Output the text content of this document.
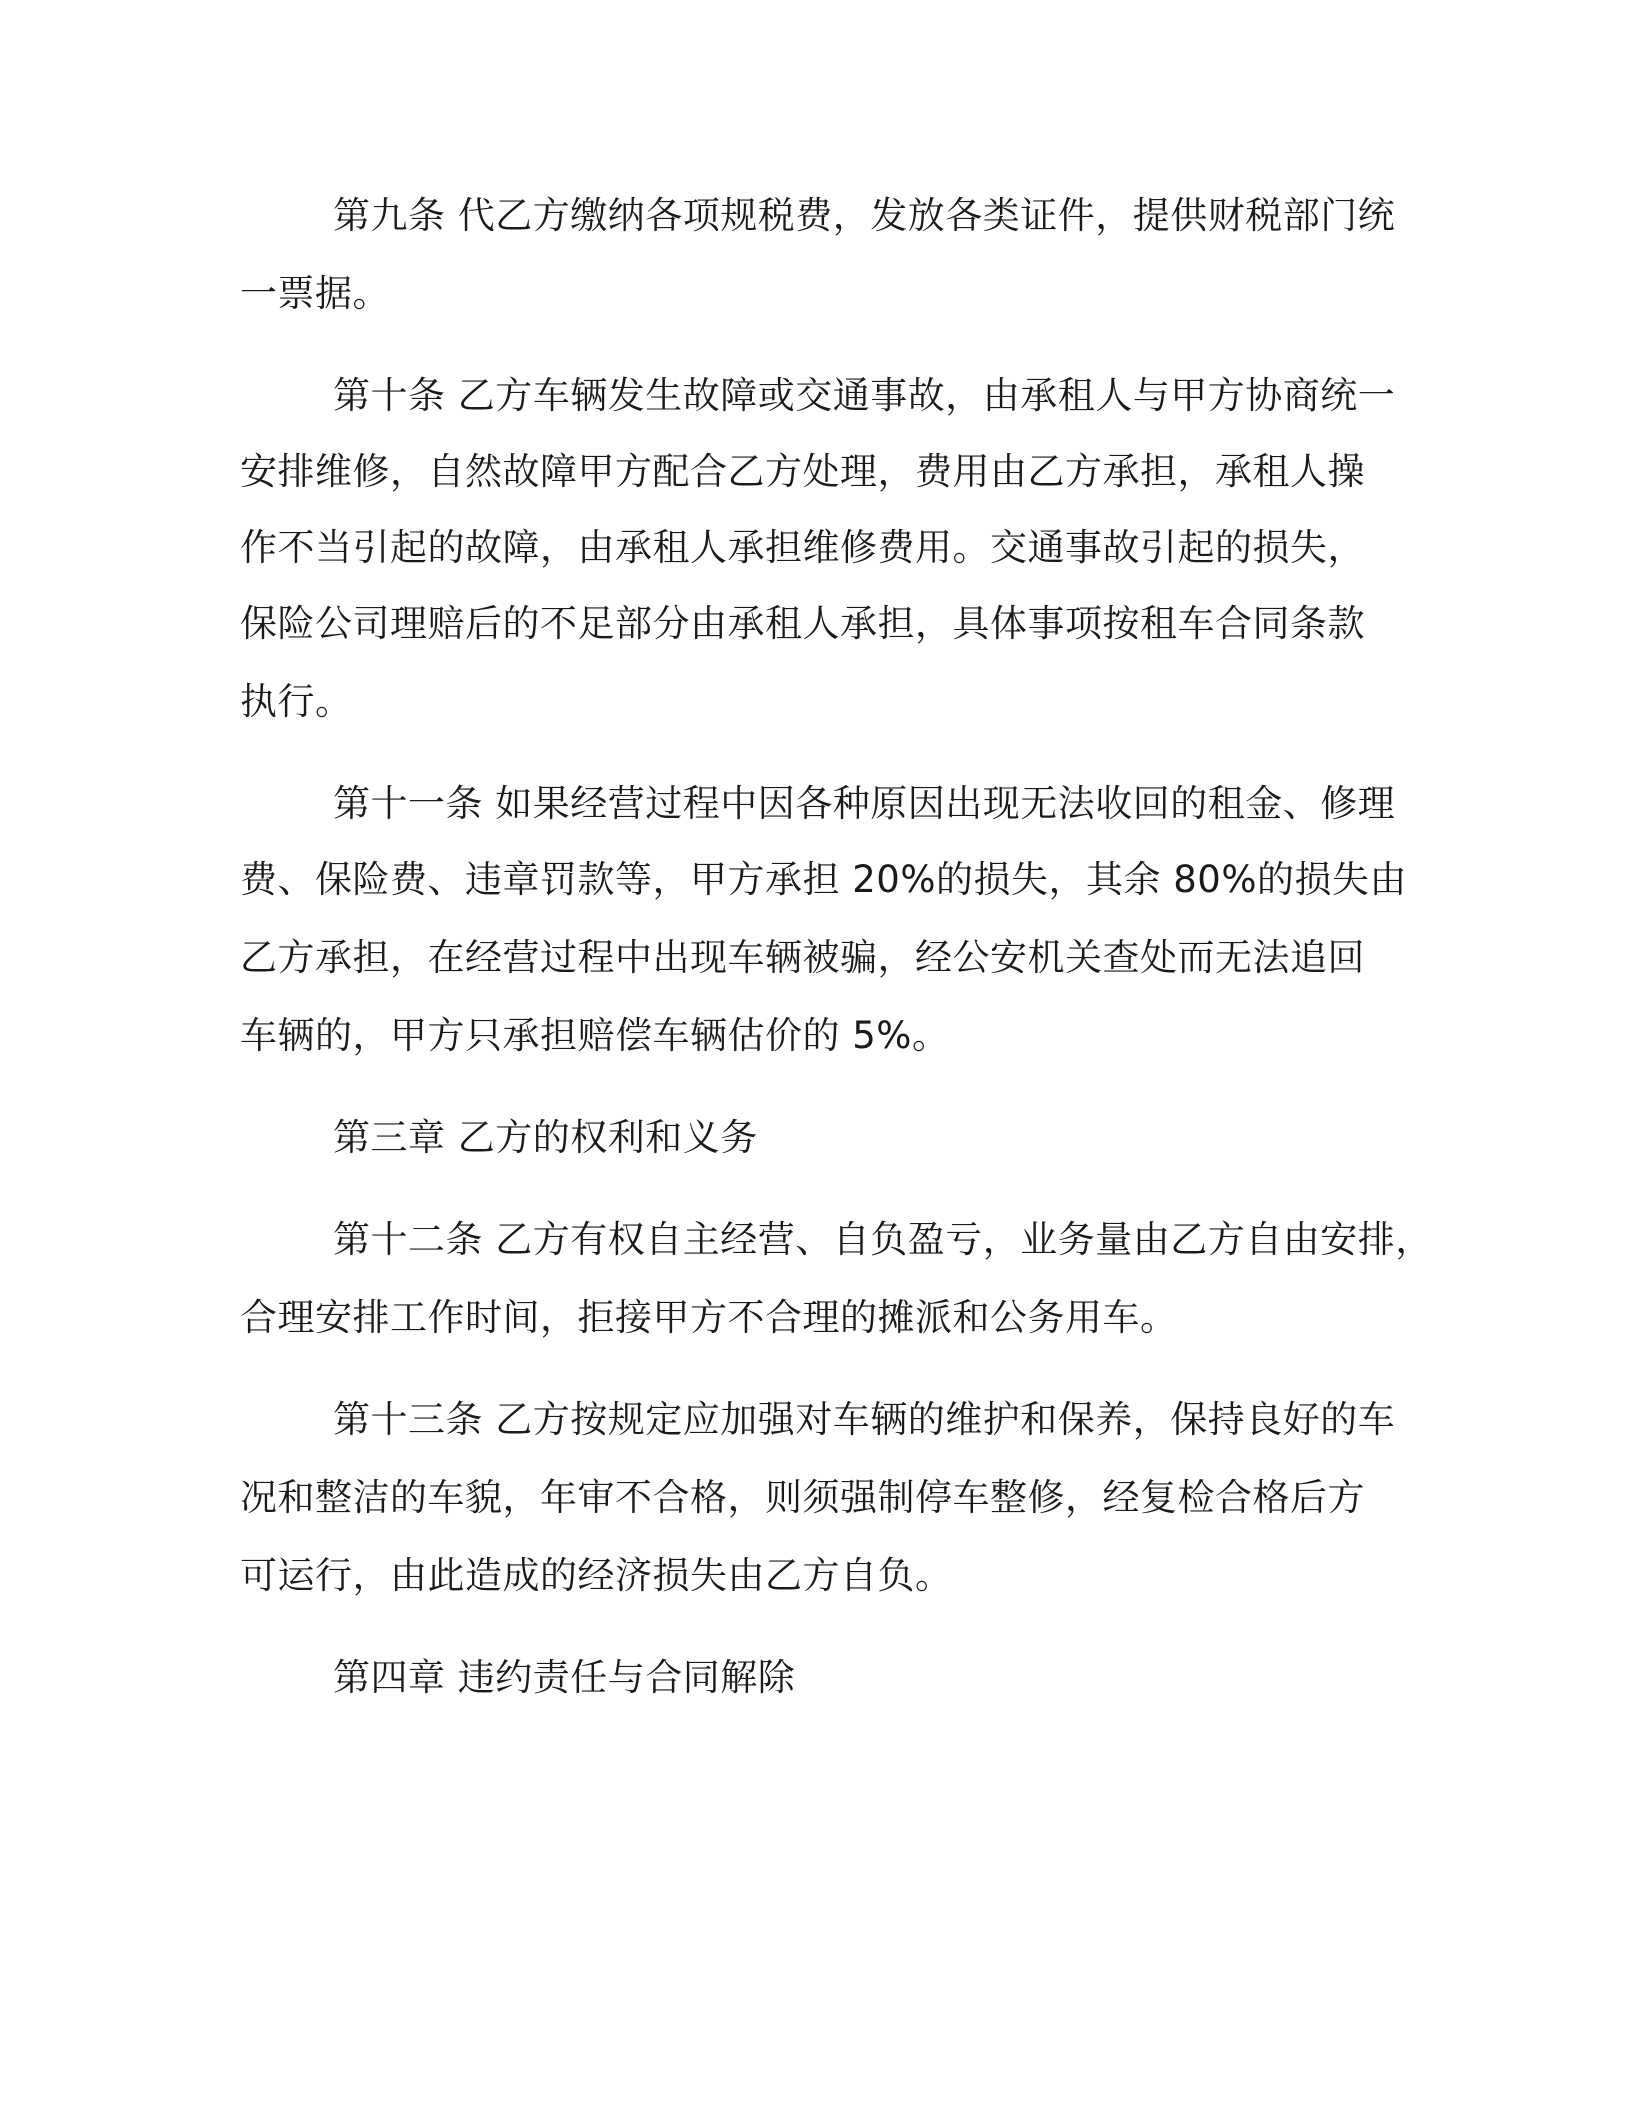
第九条 代乙方缴纳各项规税费，发放各类证件，提供财税部门统
一票据。
第十条 乙方车辆发生故障或交通事故，由承租人与甲方协商统一
安排维修，自然故障甲方配合乙方处理，费用由乙方承担，承租人操
作不当引起的故障，由承租人承担维修费用。交通事故引起的损失，
保险公司理赔后的不足部分由承租人承担，具体事项按租车合同条款
执行。
第十一条 如果经营过程中因各种原因出现无法收回的租金、修理
费、保险费、违章罚款等，甲方承担 20%的损失，其余 80%的损失由
乙方承担，在经营过程中出现车辆被骗，经公安机关查处而无法追回
车辆的，甲方只承担赔偿车辆估价的 5%。
第三章 乙方的权利和义务
第十二条 乙方有权自主经营、自负盈亏，业务量由乙方自由安排，
合理安排工作时间，拒接甲方不合理的摊派和公务用车。
第十三条 乙方按规定应加强对车辆的维护和保养，保持良好的车
况和整洁的车貌，年审不合格，则须强制停车整修，经复检合格后方
可运行，由此造成的经济损失由乙方自负。
第四章 违约责任与合同解除
